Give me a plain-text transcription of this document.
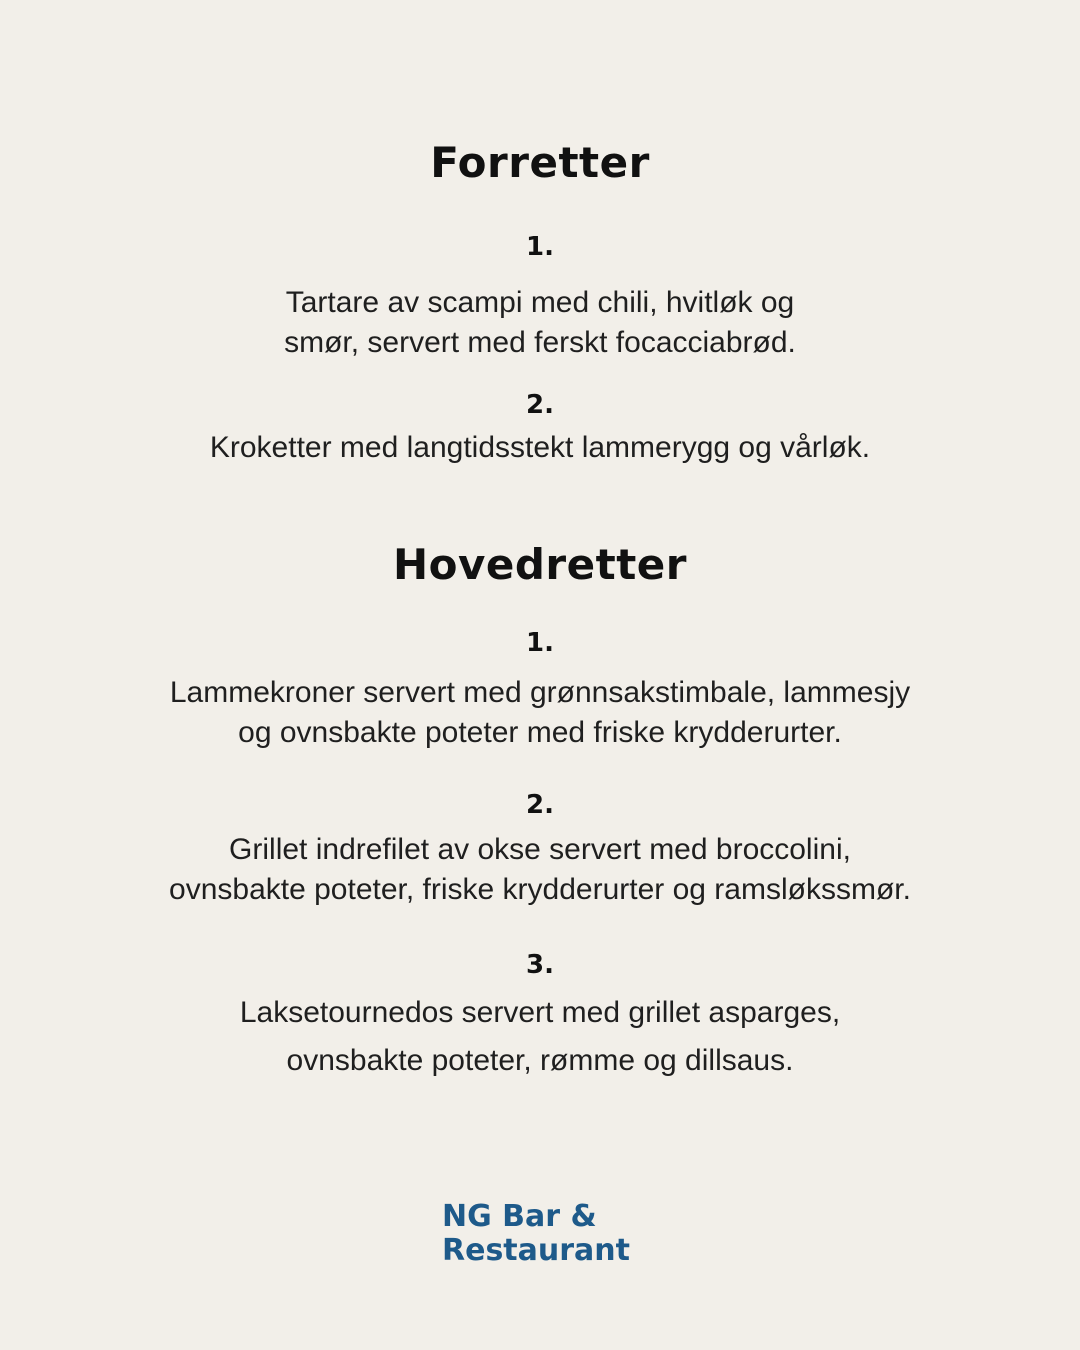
Forretter
1.
Tartare av scampi med chili, hvitløk og
smør, servert med ferskt focacciabrød.
2.
Kroketter med langtidsstekt lammerygg og vårløk.
Hovedretter
1.
Lammekroner servert med grønnsakstimbale, lammesjy
og ovnsbakte poteter med friske krydderurter.
2.
Grillet indrefilet av okse servert med broccolini,
ovnsbakte poteter, friske krydderurter og ramsløkssmør.
3.
Laksetournedos servert med grillet asparges,
ovnsbakte poteter, rømme og dillsaus.
NG Bar &
Restaurant
